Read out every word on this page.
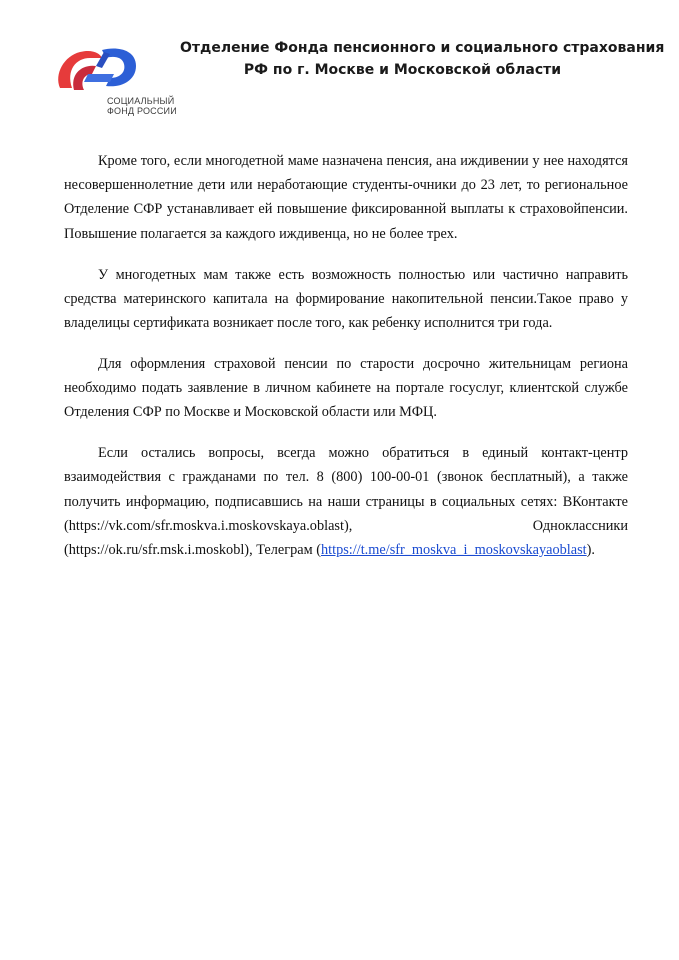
СОЦИАЛЬНЫЙ
ФОНД РОССИИ
Отделение Фонда пенсионного и социального страхования
РФ по г. Москве и Московской области

Кроме того, если многодетной маме назначена пенсия, ана иждивении у нее находятся несовершеннолетние дети или неработающие студенты-очники до 23 лет, то региональное Отделение СФР устанавливает ей повышение фиксированной выплаты к страховойпенсии. Повышение полагается за каждого иждивенца, но не более трех.

У многодетных мам также есть возможность полностью или частично направить средства материнского капитала на формирование накопительной пенсии.Такое право у владелицы сертификата возникает после того, как ребенку исполнится три года.

Для оформления страховой пенсии по старости досрочно жительницам региона необходимо подать заявление в личном кабинете на портале госуслуг, клиентской службе Отделения СФР по Москве и Московской области или МФЦ.

Если остались вопросы, всегда можно обратиться в единый контакт-центр взаимодействия с гражданами по тел. 8 (800) 100-00-01 (звонок бесплатный), а также получить информацию, подписавшись на наши страницы в социальных сетях: ВКонтакте (https://vk.com/sfr.moskva.i.moskovskaya.oblast), Одноклассники (https://ok.ru/sfr.msk.i.moskobl), Телеграм (https://t.me/sfr_moskva_i_moskovskayaoblast).
